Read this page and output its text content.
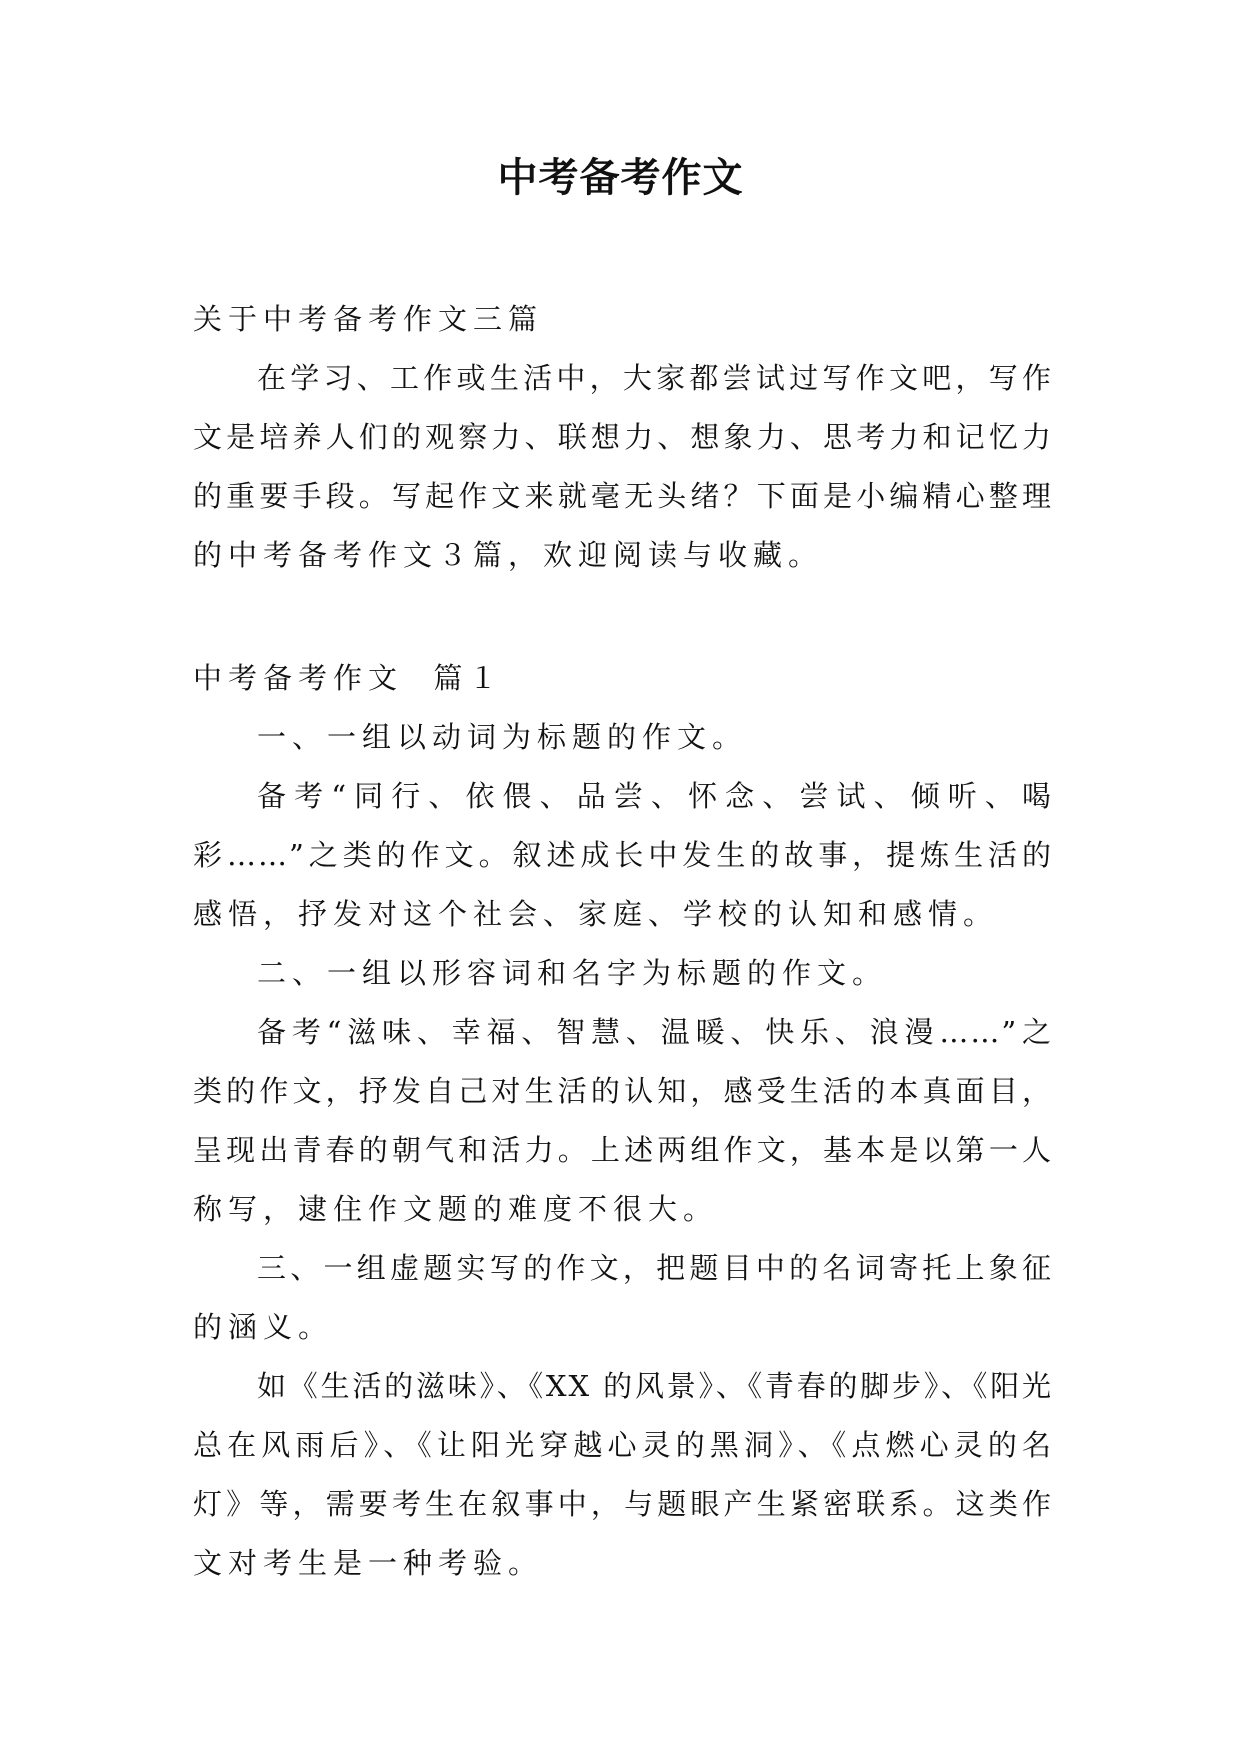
中考备考作文
关于中考备考作文三篇
在学习、工作或生活中，大家都尝试过写作文吧，写作
文是培养人们的观察力、联想力、想象力、思考力和记忆力
的重要手段。写起作文来就毫无头绪？下面是小编精心整理
的中考备考作文３篇，欢迎阅读与收藏。
中考备考作文  篇１
一、一组以动词为标题的作文。
备考“同行、依偎、品尝、怀念、尝试、倾听、喝
彩……”之类的作文。叙述成长中发生的故事，提炼生活的
感悟，抒发对这个社会、家庭、学校的认知和感情。
二、一组以形容词和名字为标题的作文。
备考“滋味、幸福、智慧、温暖、快乐、浪漫……”之
类的作文，抒发自己对生活的认知，感受生活的本真面目，
呈现出青春的朝气和活力。上述两组作文，基本是以第一人
称写，逮住作文题的难度不很大。
三、一组虚题实写的作文，把题目中的名词寄托上象征
的涵义。
如《生活的滋味》、《XX 的风景》、《青春的脚步》、《阳光
总在风雨后》、《让阳光穿越心灵的黑洞》、《点燃心灵的名
灯》等，需要考生在叙事中，与题眼产生紧密联系。这类作
文对考生是一种考验。
